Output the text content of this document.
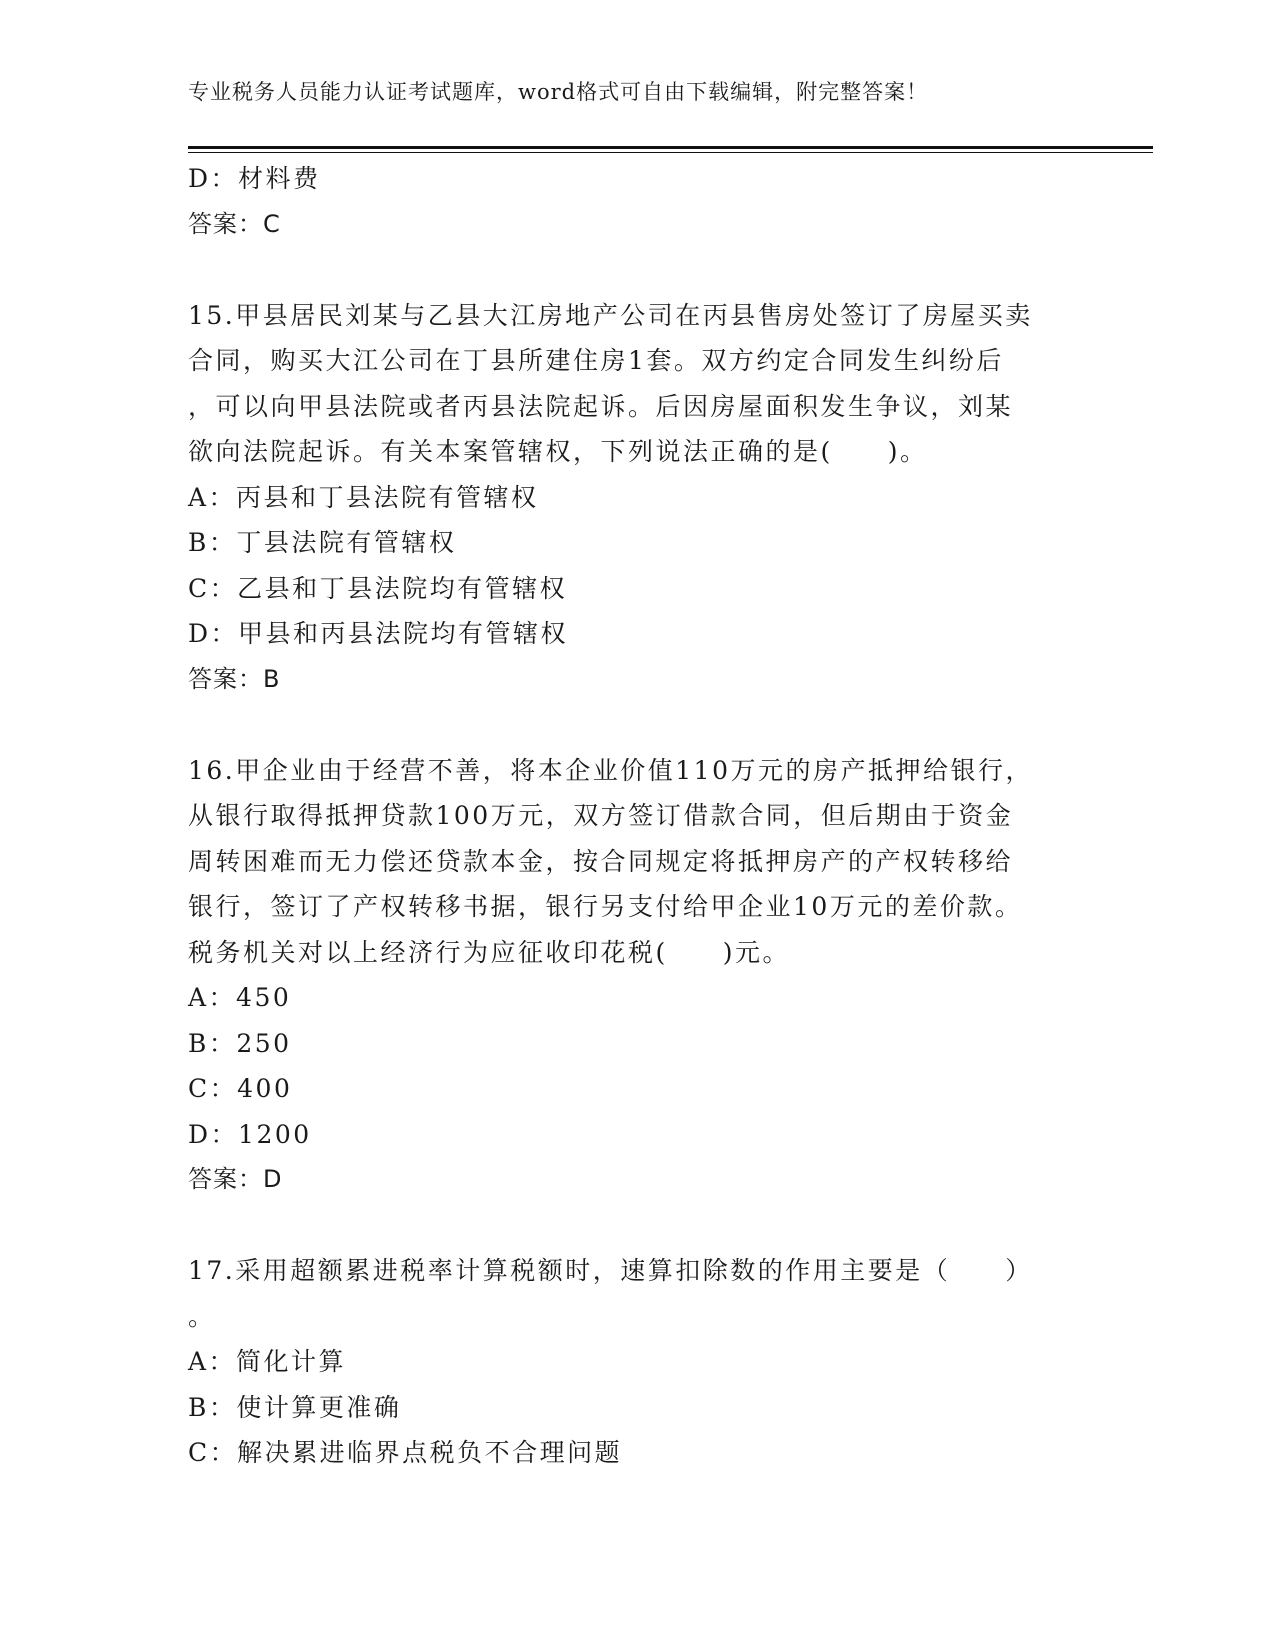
专业税务人员能力认证考试题库，word格式可自由下载编辑，附完整答案！
D：材料费
答案：C
15.甲县居民刘某与乙县大江房地产公司在丙县售房处签订了房屋买卖
合同，购买大江公司在丁县所建住房1套。双方约定合同发生纠纷后
，可以向甲县法院或者丙县法院起诉。后因房屋面积发生争议，刘某
欲向法院起诉。有关本案管辖权，下列说法正确的是(　　)。
A：丙县和丁县法院有管辖权
B：丁县法院有管辖权
C：乙县和丁县法院均有管辖权
D：甲县和丙县法院均有管辖权
答案：B
16.甲企业由于经营不善，将本企业价值110万元的房产抵押给银行，
从银行取得抵押贷款100万元，双方签订借款合同，但后期由于资金
周转困难而无力偿还贷款本金，按合同规定将抵押房产的产权转移给
银行，签订了产权转移书据，银行另支付给甲企业10万元的差价款。
税务机关对以上经济行为应征收印花税(　　)元。
A：450
B：250
C：400
D：1200
答案：D
17.采用超额累进税率计算税额时，速算扣除数的作用主要是（　　）
。
A：简化计算
B：使计算更准确
C：解决累进临界点税负不合理问题
